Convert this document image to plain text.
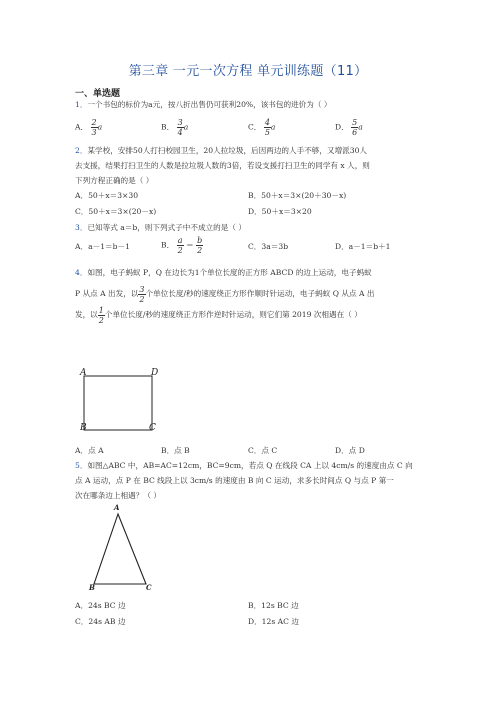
第三章 一元一次方程 单元训练题（11）
一、单选题
1．一个书包的标价为a元，按八折出售仍可获利20%，该书包的进价为（ ）
A． $\frac{2}{3}$ a	B． $\frac{3}{4}$ a	C． $\frac{4}{5}$ a	D． $\frac{5}{6}$ a
2．某学校，安排50人打扫校园卫生，20人拉垃圾，后因两边的人手不够，又增派30人
去支援，结果打扫卫生的人数是拉垃圾人数的3倍，若设支援打扫卫生的同学有 x 人，则
下列方程正确的是（ ）
A．50＋x＝3×30	B．50＋x＝3×(20＋30－x)
C．50＋x＝3×(20－x)	D．50＋x＝3×20
3．已知等式 a＝b，则下列式子中不成立的是（ ）
A．a－1＝b－1	B． $\frac{a}{2} = \frac{b}{2}$	C．3a＝3b	D．a－1＝b＋1
4．如图，电子蚂蚁 P，Q 在边长为1个单位长度的正方形 ABCD 的边上运动，电子蚂蚁
P 从点 A 出发，以 $\frac{3}{2}$ 个单位长度/秒的速度绕正方形作顺时针运动，电子蚂蚁 Q 从点 A 出
发，以 $\frac{1}{2}$ 个单位长度/秒的速度绕正方形作逆时针运动，则它们第 2019 次相遇在（ ）
A	D
B	C
A．点 A	B．点 B	C．点 C	D．点 D
5．如图△ABC 中，AB=AC=12cm，BC=9cm，若点 Q 在线段 CA 上以 4cm/s 的速度由点 C 向
点 A 运动，点 P 在 BC 线段上以 3cm/s 的速度由 B 向 C 运动，求多长时间点 Q 与点 P 第一
次在哪条边上相遇？（ ）
A
B	C
A．24s BC 边	B．12s BC 边
C．24s AB 边	D．12s AC 边
